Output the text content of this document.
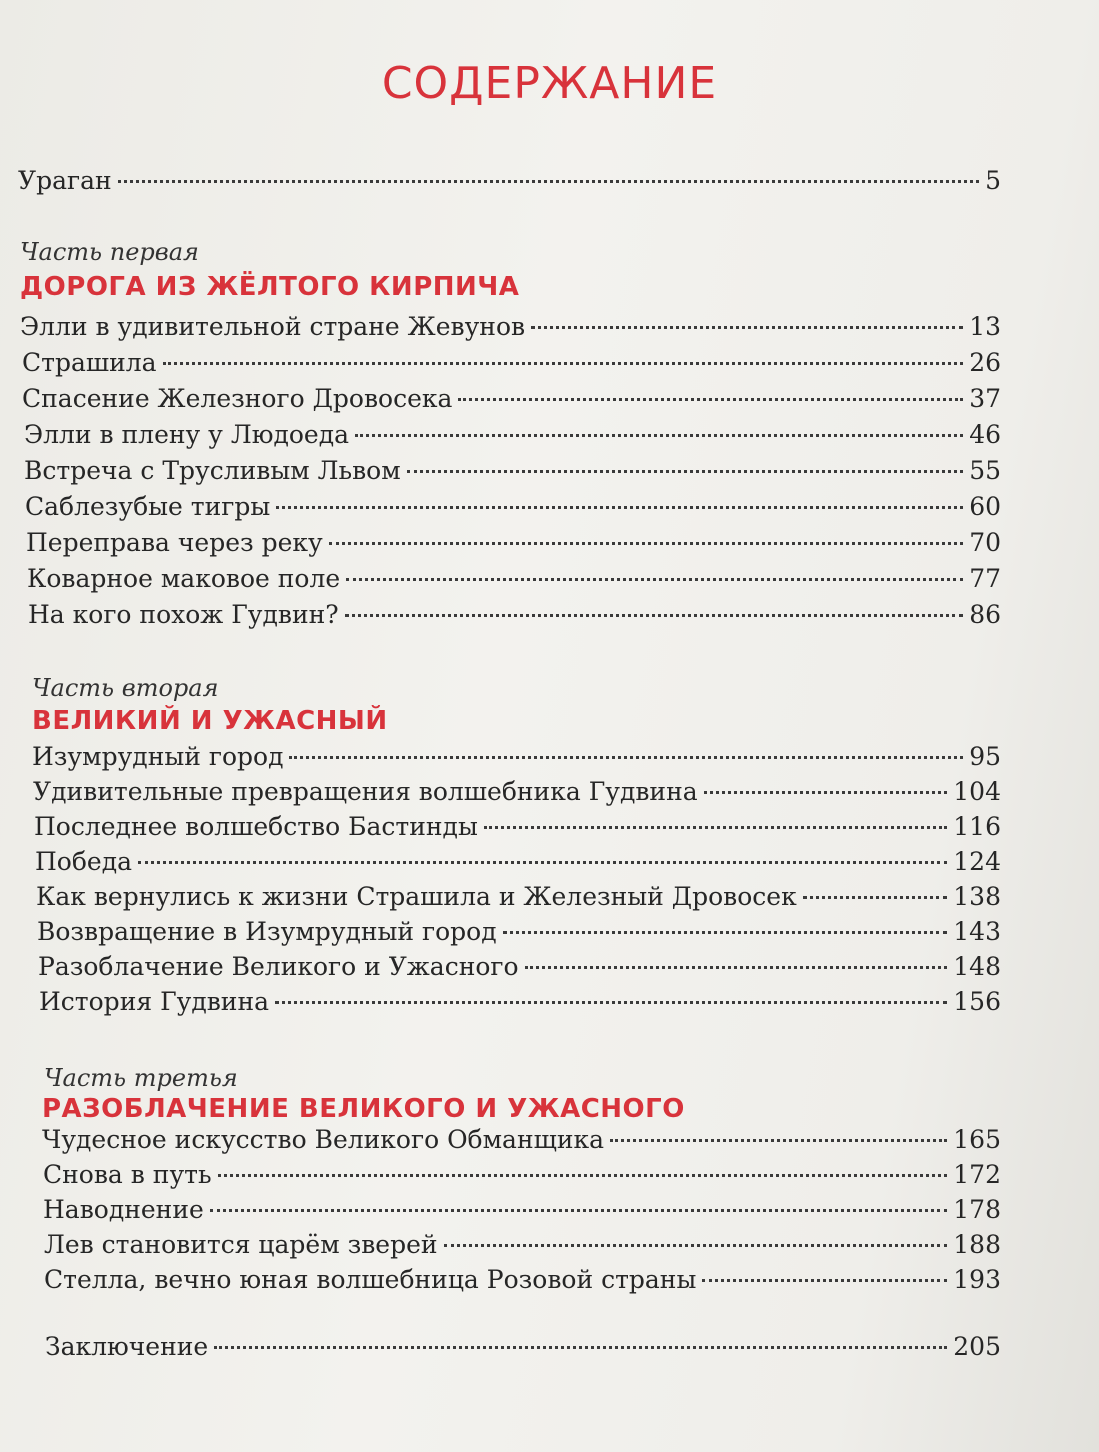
СОДЕРЖАНИЕ
Ураган	5
Часть первая
ДОРОГА ИЗ ЖЁЛТОГО КИРПИЧА
Элли в удивительной стране Жевунов	13
Страшила	26
Спасение Железного Дровосека	37
Элли в плену у Людоеда	46
Встреча с Трусливым Львом	55
Саблезубые тигры	60
Переправа через реку	70
Коварное маковое поле	77
На кого похож Гудвин?	86
Часть вторая
ВЕЛИКИЙ И УЖАСНЫЙ
Изумрудный город	95
Удивительные превращения волшебника Гудвина	104
Последнее волшебство Бастинды	116
Победа	124
Как вернулись к жизни Страшила и Железный Дровосек	138
Возвращение в Изумрудный город	143
Разоблачение Великого и Ужасного	148
История Гудвина	156
Часть третья
РАЗОБЛАЧЕНИЕ ВЕЛИКОГО И УЖАСНОГО
Чудесное искусство Великого Обманщика	165
Снова в путь	172
Наводнение	178
Лев становится царём зверей	188
Стелла, вечно юная волшебница Розовой страны	193
Заключение	205
